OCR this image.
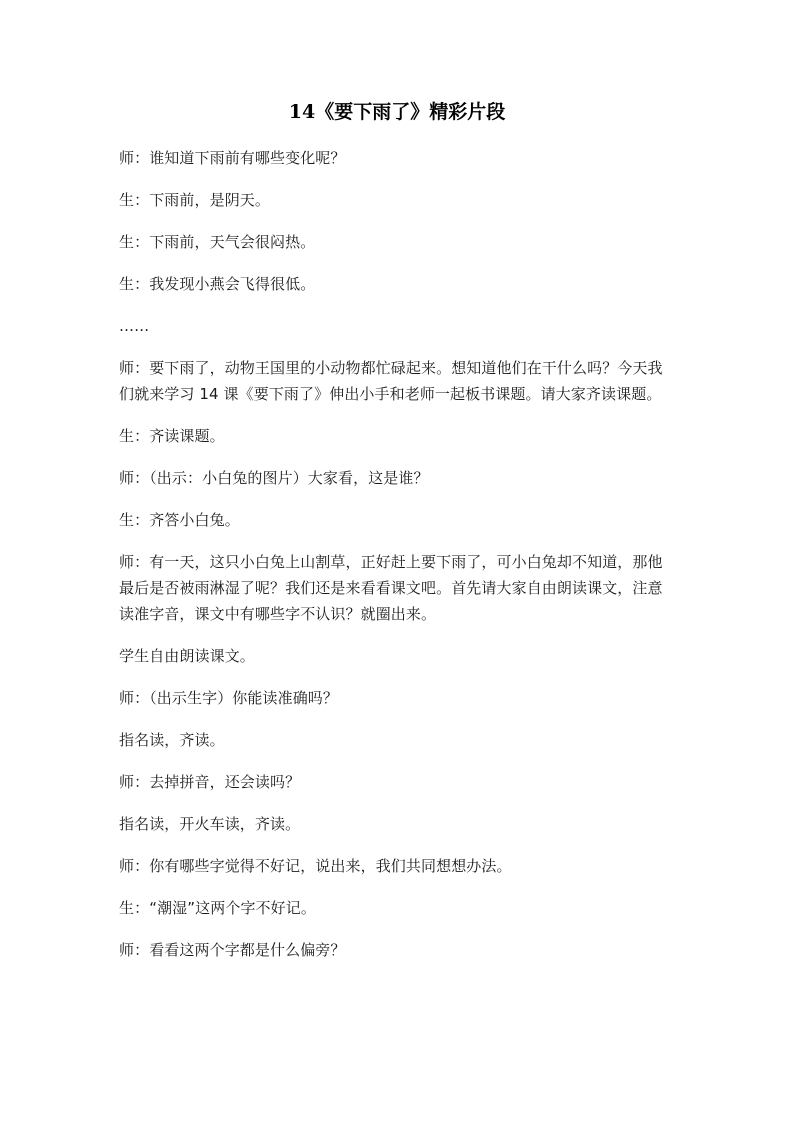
14《要下雨了》精彩片段

师：谁知道下雨前有哪些变化呢？

生：下雨前，是阴天。

生：下雨前，天气会很闷热。

生：我发现小燕会飞得很低。

……

师：要下雨了，动物王国里的小动物都忙碌起来。想知道他们在干什么吗？今天我们就来学习 14 课《要下雨了》伸出小手和老师一起板书课题。请大家齐读课题。

生：齐读课题。

师：（出示：小白兔的图片）大家看，这是谁？

生：齐答小白兔。

师：有一天，这只小白兔上山割草，正好赶上要下雨了，可小白兔却不知道，那他最后是否被雨淋湿了呢？我们还是来看看课文吧。首先请大家自由朗读课文，注意读准字音，课文中有哪些字不认识？就圈出来。

学生自由朗读课文。

师：（出示生字）你能读准确吗？

指名读，齐读。

师：去掉拼音，还会读吗？

指名读，开火车读，齐读。

师：你有哪些字觉得不好记，说出来，我们共同想想办法。

生：“潮湿”这两个字不好记。

师：看看这两个字都是什么偏旁？
